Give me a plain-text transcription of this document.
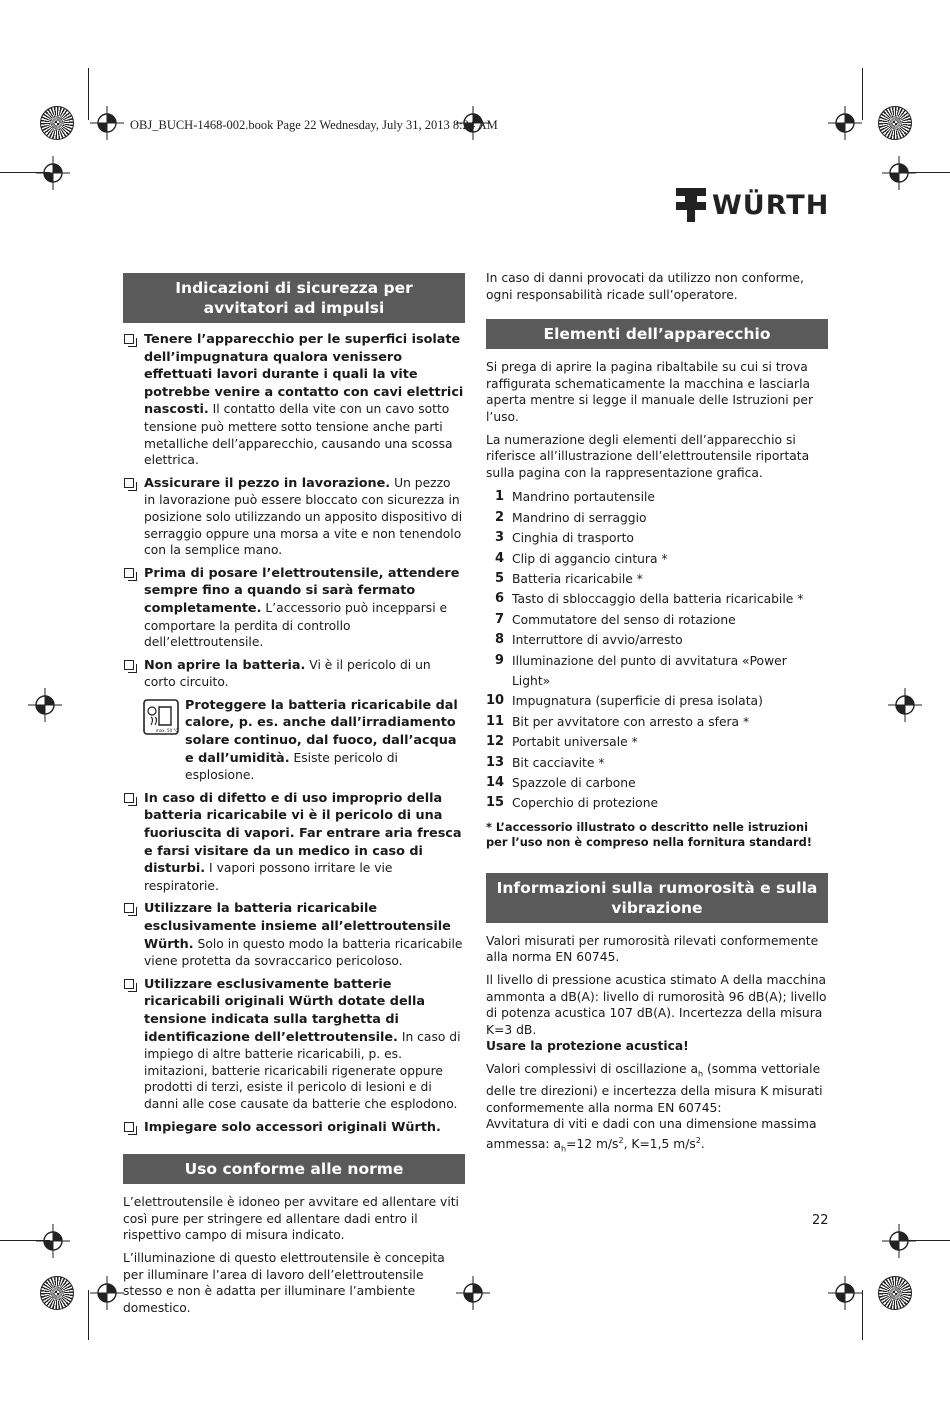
OBJ_BUCH-1468-002.book Page 22 Wednesday, July 31, 2013 8:24 AM
WÜRTH
Indicazioni di sicurezza per avvitatori ad impulsi
Tenere l’apparecchio per le superfici isolate dell’impugnatura qualora venissero effettuati lavori durante i quali la vite potrebbe venire a contatto con cavi elettrici nascosti. Il contatto della vite con un cavo sotto tensione può mettere sotto tensione anche parti metalliche dell’apparecchio, causando una scossa elettrica.
Assicurare il pezzo in lavorazione. Un pezzo in lavorazione può essere bloccato con sicurezza in posizione solo utilizzando un apposito dispositivo di serraggio oppure una morsa a vite e non tenendolo con la semplice mano.
Prima di posare l’elettroutensile, attendere sempre fino a quando si sarà fermato completamente. L’accessorio può incepparsi e comportare la perdita di controllo dell’elettroutensile.
Non aprire la batteria. Vi è il pericolo di un corto circuito.
max. 50 °C
Proteggere la batteria ricaricabile dal calore, p. es. anche dall’irradiamento solare continuo, dal fuoco, dall’acqua e dall’umidità. Esiste pericolo di esplosione.
In caso di difetto e di uso improprio della batteria ricaricabile vi è il pericolo di una fuoriuscita di vapori. Far entrare aria fresca e farsi visitare da un medico in caso di disturbi. I vapori possono irritare le vie respiratorie.
Utilizzare la batteria ricaricabile esclusivamente insieme all’elettroutensile Würth. Solo in questo modo la batteria ricaricabile viene protetta da sovraccarico pericoloso.
Utilizzare esclusivamente batterie ricaricabili originali Würth dotate della tensione indicata sulla targhetta di identificazione dell’elettroutensile. In caso di impiego di altre batterie ricaricabili, p. es. imitazioni, batterie ricaricabili rigenerate oppure prodotti di terzi, esiste il pericolo di lesioni e di danni alle cose causate da batterie che esplodono.
Impiegare solo accessori originali Würth.
Uso conforme alle norme

L’elettroutensile è idoneo per avvitare ed allentare viti così pure per stringere ed allentare dadi entro il rispettivo campo di misura indicato.

L’illuminazione di questo elettroutensile è concepita per illuminare l’area di lavoro dell’elettroutensile stesso e non è adatta per illuminare l’ambiente domestico.

In caso di danni provocati da utilizzo non conforme, ogni responsabilità ricade sull’operatore.

Elementi dell’apparecchio

Si prega di aprire la pagina ribaltabile su cui si trova raffigurata schematicamente la macchina e lasciarla aperta mentre si legge il manuale delle Istruzioni per l’uso.

La numerazione degli elementi dell’apparecchio si riferisce all’illustrazione dell’elettroutensile riportata sulla pagina con la rappresentazione grafica.

1 Mandrino portautensile
2 Mandrino di serraggio
3 Cinghia di trasporto
4 Clip di aggancio cintura *
5 Batteria ricaricabile *
6 Tasto di sbloccaggio della batteria ricaricabile *
7 Commutatore del senso di rotazione
8 Interruttore di avvio/arresto
9 Illuminazione del punto di avvitatura «Power Light»
10 Impugnatura (superficie di presa isolata)
11 Bit per avvitatore con arresto a sfera *
12 Portabit universale *
13 Bit cacciavite *
14 Spazzole di carbone
15 Coperchio di protezione

* L’accessorio illustrato o descritto nelle istruzioni per l’uso non è compreso nella fornitura standard!

Informazioni sulla rumorosità e sulla vibrazione

Valori misurati per rumorosità rilevati conformemente alla norma EN 60745.

Il livello di pressione acustica stimato A della macchina ammonta a dB(A): livello di rumorosità 96 dB(A); livello di potenza acustica 107 dB(A). Incertezza della misura K=3 dB.

Usare la protezione acustica!

Valori complessivi di oscillazione $a_h$ (somma vettoriale delle tre direzioni) e incertezza della misura K misurati conformemente alla norma EN 60745:

Avvitatura di viti e dadi con una dimensione massima ammessa: $a_h=12$ $m/s^2$, K=1,5 $m/s^2$.

22
